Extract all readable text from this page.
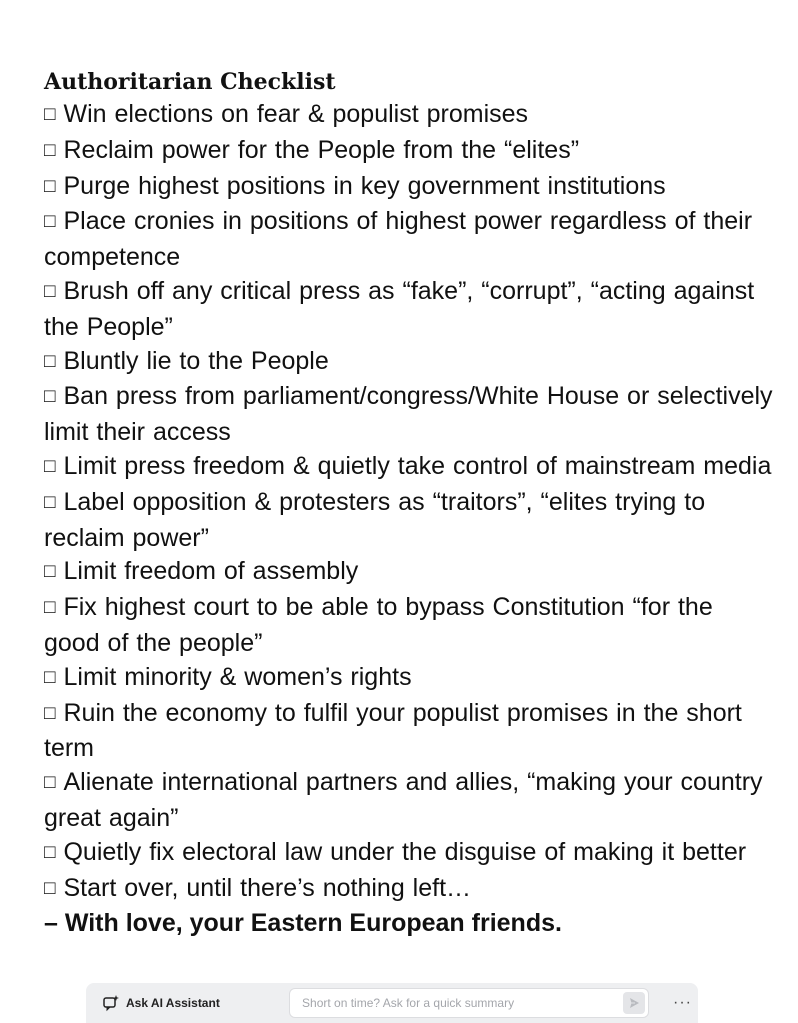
Authoritarian Checklist
□ Win elections on fear & populist promises
□ Reclaim power for the People from the “elites”
□ Purge highest positions in key government institutions
□ Place cronies in positions of highest power regardless of their competence
□ Brush off any critical press as “fake”, “corrupt”, “acting against the People”
□ Bluntly lie to the People
□ Ban press from parliament/congress/White House or selectively limit their access
□ Limit press freedom & quietly take control of mainstream media
□ Label opposition & protesters as “traitors”, “elites trying to reclaim power”
□ Limit freedom of assembly
□ Fix highest court to be able to bypass Constitution “for the good of the people”
□ Limit minority & women’s rights
□ Ruin the economy to fulfil your populist promises in the short term
□ Alienate international partners and allies, “making your country great again”
□ Quietly fix electoral law under the disguise of making it better
□ Start over, until there’s nothing left…
– With love, your Eastern European friends.
Ask AI Assistant
Short on time? Ask for a quick summary	···
